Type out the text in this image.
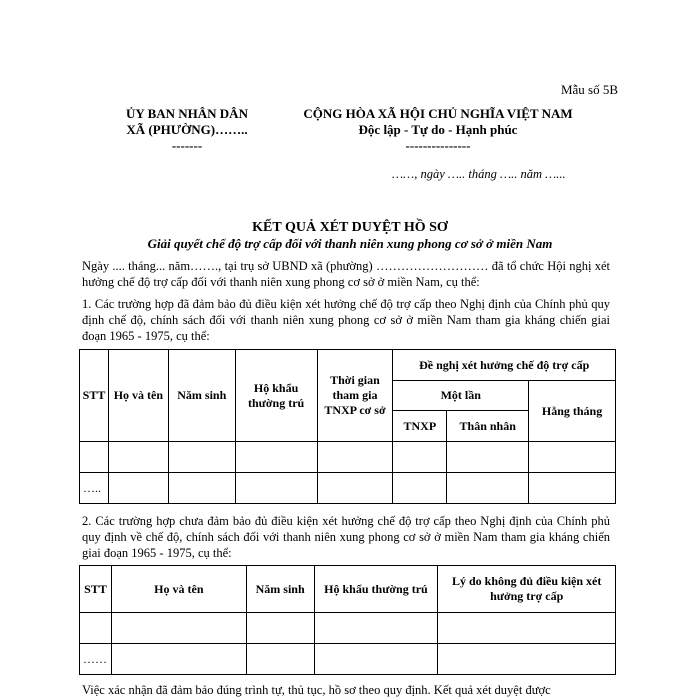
Mẫu số 5B
ỦY BAN NHÂN DÂN
XÃ (PHƯỜNG)……..
-------
CỘNG HÒA XÃ HỘI CHỦ NGHĨA VIỆT NAM
Độc lập - Tự do - Hạnh phúc
---------------
……, ngày ….. tháng ….. năm …...
KẾT QUẢ XÉT DUYỆT HỒ SƠ
Giải quyết chế độ trợ cấp đối với thanh niên xung phong cơ sở ở miền Nam
Ngày .... tháng... năm……., tại trụ sở UBND xã (phường) ……………………… đã tổ chức Hội nghị xét hưởng chế độ trợ cấp đối với thanh niên xung phong cơ sở ở miền Nam, cụ thể:
1. Các trường hợp đã đảm bảo đủ điều kiện xét hưởng chế độ trợ cấp theo Nghị định của Chính phủ quy định chế độ, chính sách đối với thanh niên xung phong cơ sở ở miền Nam tham gia kháng chiến giai đoạn 1965 - 1975, cụ thể:
STT	Họ và tên	Năm sinh	Hộ khẩu thường trú	Thời gian tham gia TNXP cơ sở	Đề nghị xét hưởng chế độ trợ cấp		
					Một lần		Hằng tháng
					TNXP	Thân nhân	

…..							
2. Các trường hợp chưa đảm bảo đủ điều kiện xét hưởng chế độ trợ cấp theo Nghị định của Chính phủ quy định về chế độ, chính sách đối với thanh niên xung phong cơ sở ở miền Nam tham gia kháng chiến giai đoạn 1965 - 1975, cụ thể:
STT	Họ và tên	Năm sinh	Hộ khẩu thường trú	Lý do không đủ điều kiện xét hưởng trợ cấp

……				
Việc xác nhận đã đảm bảo đúng trình tự, thủ tục, hồ sơ theo quy định. Kết quả xét duyệt được
